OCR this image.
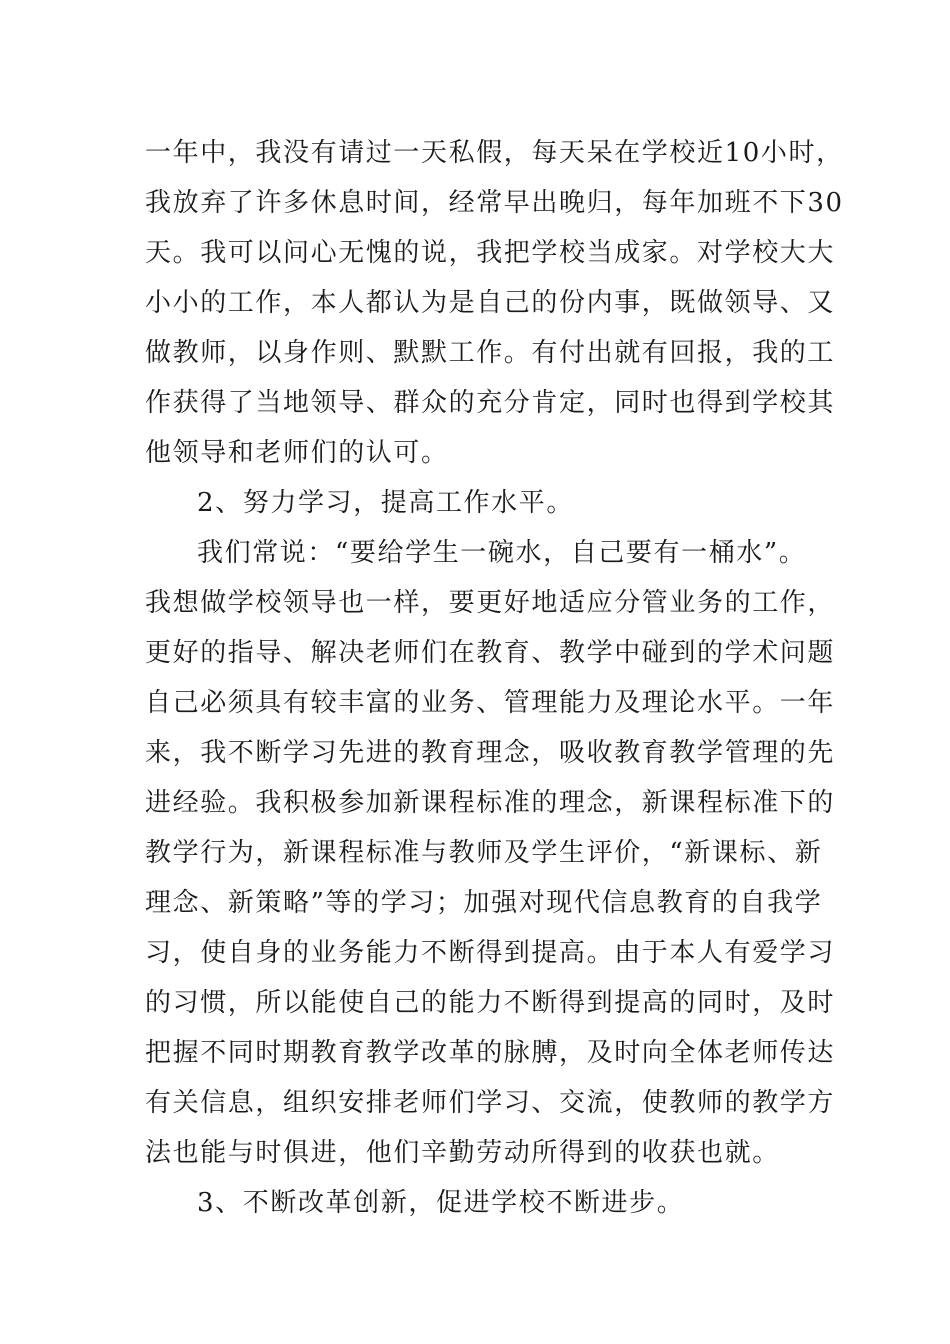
一年中，我没有请过一天私假，每天呆在学校近10小时，
我放弃了许多休息时间，经常早出晚归，每年加班不下30
天。我可以问心无愧的说，我把学校当成家。对学校大大
小小的工作，本人都认为是自己的份内事，既做领导、又
做教师，以身作则、默默工作。有付出就有回报，我的工
作获得了当地领导、群众的充分肯定，同时也得到学校其
他领导和老师们的认可。
2、努力学习，提高工作水平。
我们常说：“要给学生一碗水，自己要有一桶水”。
我想做学校领导也一样，要更好地适应分管业务的工作，
更好的指导、解决老师们在教育、教学中碰到的学术问题
自己必须具有较丰富的业务、管理能力及理论水平。一年
来，我不断学习先进的教育理念，吸收教育教学管理的先
进经验。我积极参加新课程标准的理念，新课程标准下的
教学行为，新课程标准与教师及学生评价，“新课标、新
理念、新策略”等的学习；加强对现代信息教育的自我学
习，使自身的业务能力不断得到提高。由于本人有爱学习
的习惯，所以能使自己的能力不断得到提高的同时，及时
把握不同时期教育教学改革的脉膊，及时向全体老师传达
有关信息，组织安排老师们学习、交流，使教师的教学方
法也能与时俱进，他们辛勤劳动所得到的收获也就。
3、不断改革创新，促进学校不断进步。
